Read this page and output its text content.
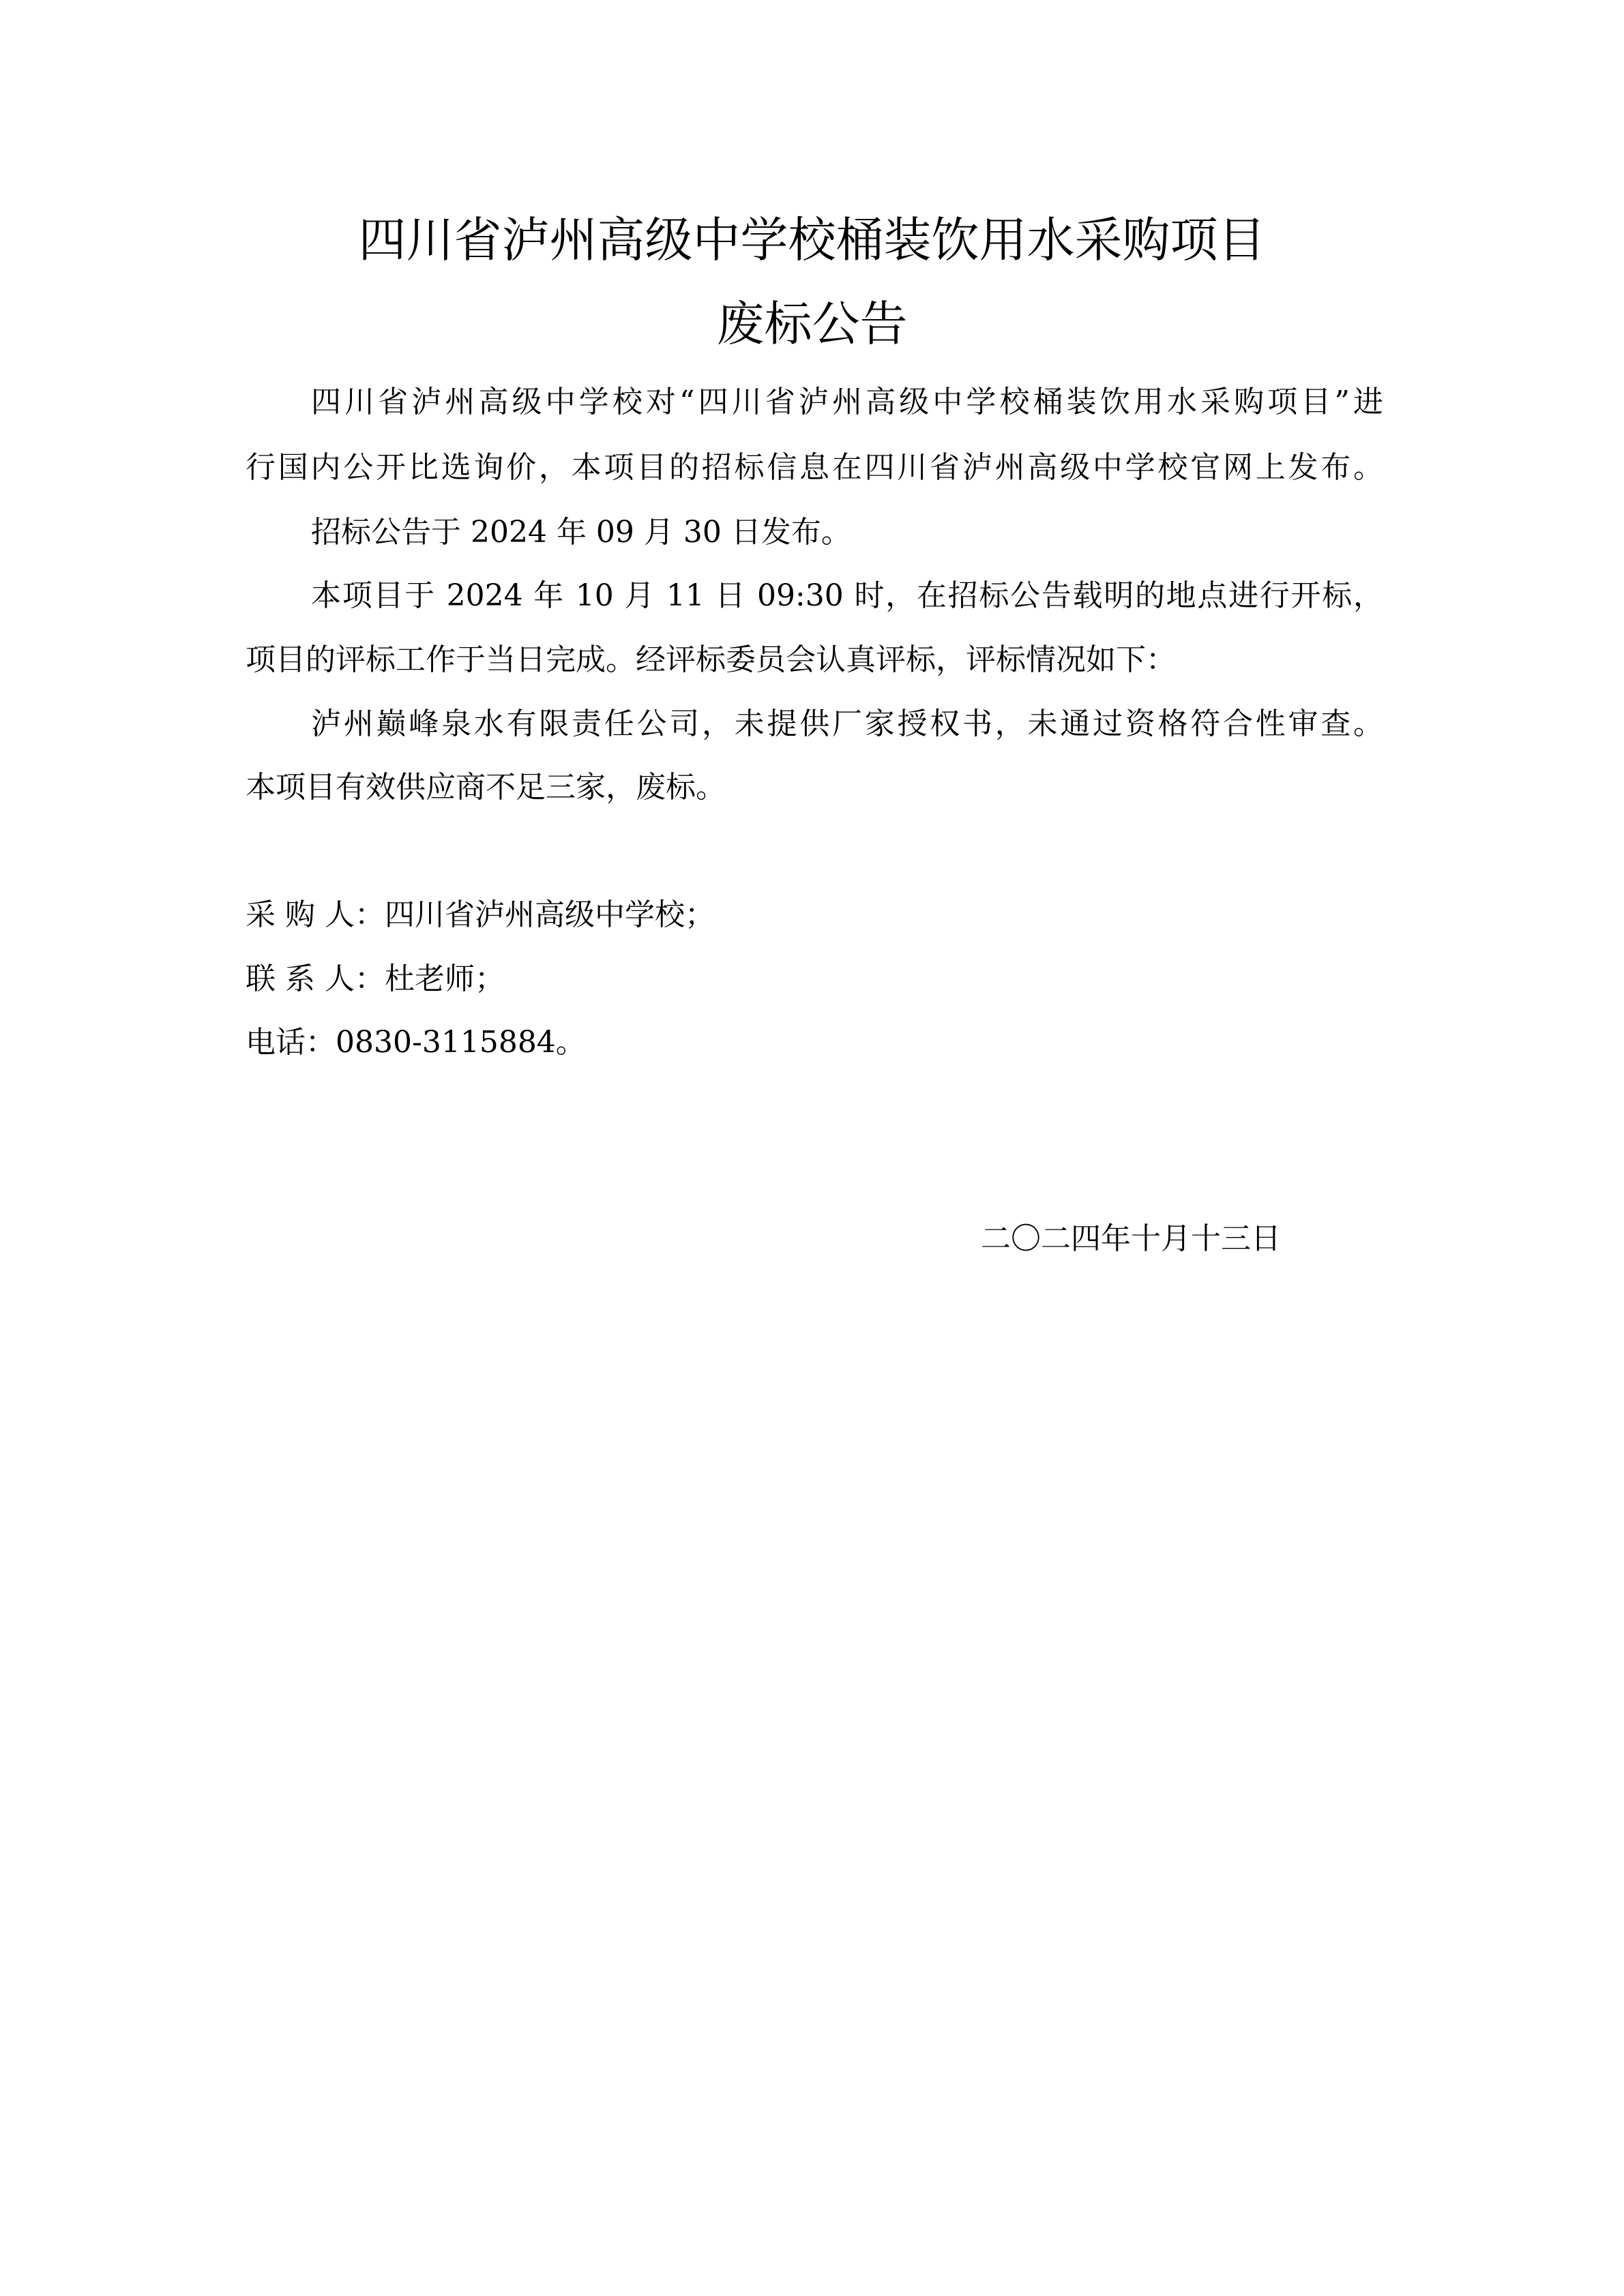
四川省泸州高级中学校桶装饮用水采购项目
废标公告
四川省泸州高级中学校对“四川省泸州高级中学校桶装饮用水采购项目”进
行国内公开比选询价，本项目的招标信息在四川省泸州高级中学校官网上发布。
招标公告于 2024 年 09 月 30 日发布。
本项目于 2024 年 10 月 11 日 09:30 时，在招标公告载明的地点进行开标，
项目的评标工作于当日完成。经评标委员会认真评标，评标情况如下：
泸州巅峰泉水有限责任公司，未提供厂家授权书，未通过资格符合性审查。
本项目有效供应商不足三家，废标。
采 购 人：四川省泸州高级中学校；
联 系 人：杜老师；
电话：0830-3115884。
二〇二四年十月十三日
